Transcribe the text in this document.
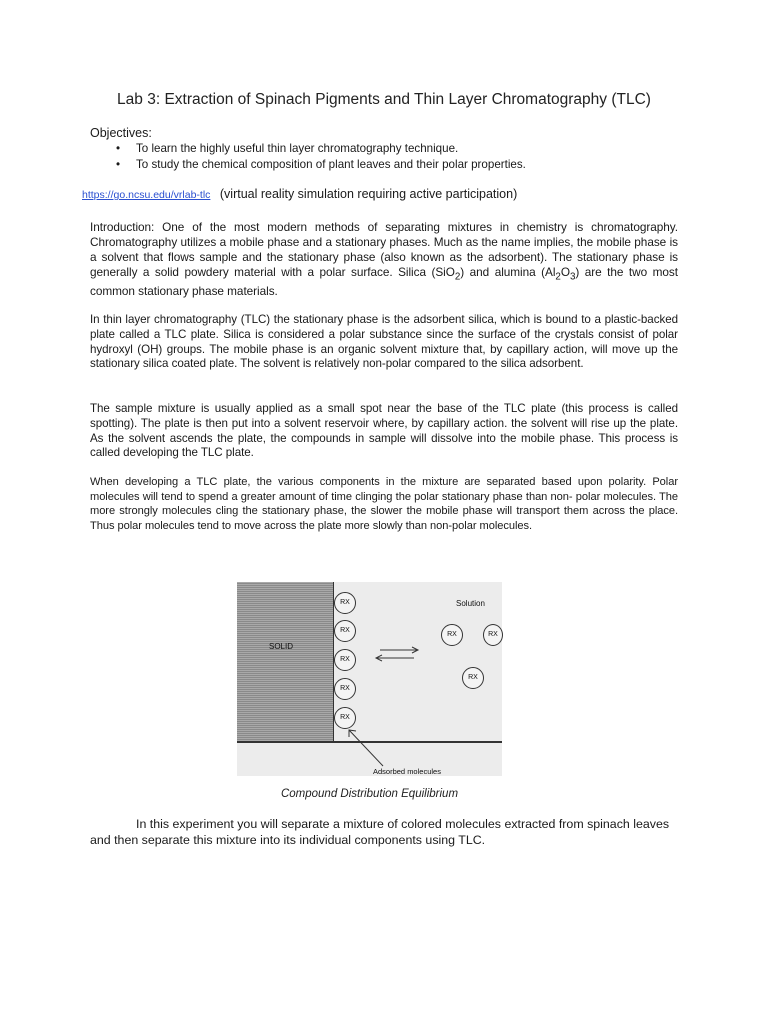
Lab 3: Extraction of Spinach Pigments and Thin Layer Chromatography (TLC)
Objectives:
• To learn the highly useful thin layer chromatography technique.
• To study the chemical composition of plant leaves and their polar properties.
https://go.ncsu.edu/vrlab-tlc (virtual reality simulation requiring active participation)

Introduction: One of the most modern methods of separating mixtures in chemistry is chromatography. Chromatography utilizes a mobile phase and a stationary phases. Much as the name implies, the mobile phase is a solvent that flows sample and the stationary phase (also known as the adsorbent). The stationary phase is generally a solid powdery material with a polar surface. Silica (SiO$_2$) and alumina $(Al_2O_3)$ are the two most common stationary phase materials.

In thin layer chromatography (TLC) the stationary phase is the adsorbent silica, which is bound to a plastic-backed plate called a TLC plate. Silica is considered a polar substance since the surface of the crystals consist of polar hydroxyl (OH) groups. The mobile phase is an organic solvent mixture that, by capillary action, will move up the stationary silica coated plate. The solvent is relatively non-polar compared to the silica adsorbent.

The sample mixture is usually applied as a small spot near the base of the TLC plate (this process is called spotting). The plate is then put into a solvent reservoir where, by capillary action. the solvent will rise up the plate. As the solvent ascends the plate, the compounds in sample will dissolve into the mobile phase. This process is called developing the TLC plate.

When developing a TLC plate, the various components in the mixture are separated based upon polarity. Polar molecules will tend to spend a greater amount of time clinging the polar stationary phase than non- polar molecules. The more strongly molecules cling the stationary phase, the slower the mobile phase will transport them across the place. Thus polar molecules tend to move across the plate more slowly than non-polar molecules.

SOLID
RX
RX
RX
RX
RX
Solution
RX	RX
RX
Adsorbed molecules
Compound Distribution Equilibrium

In this experiment you will separate a mixture of colored molecules extracted from spinach leaves and then separate this mixture into its individual components using TLC.
